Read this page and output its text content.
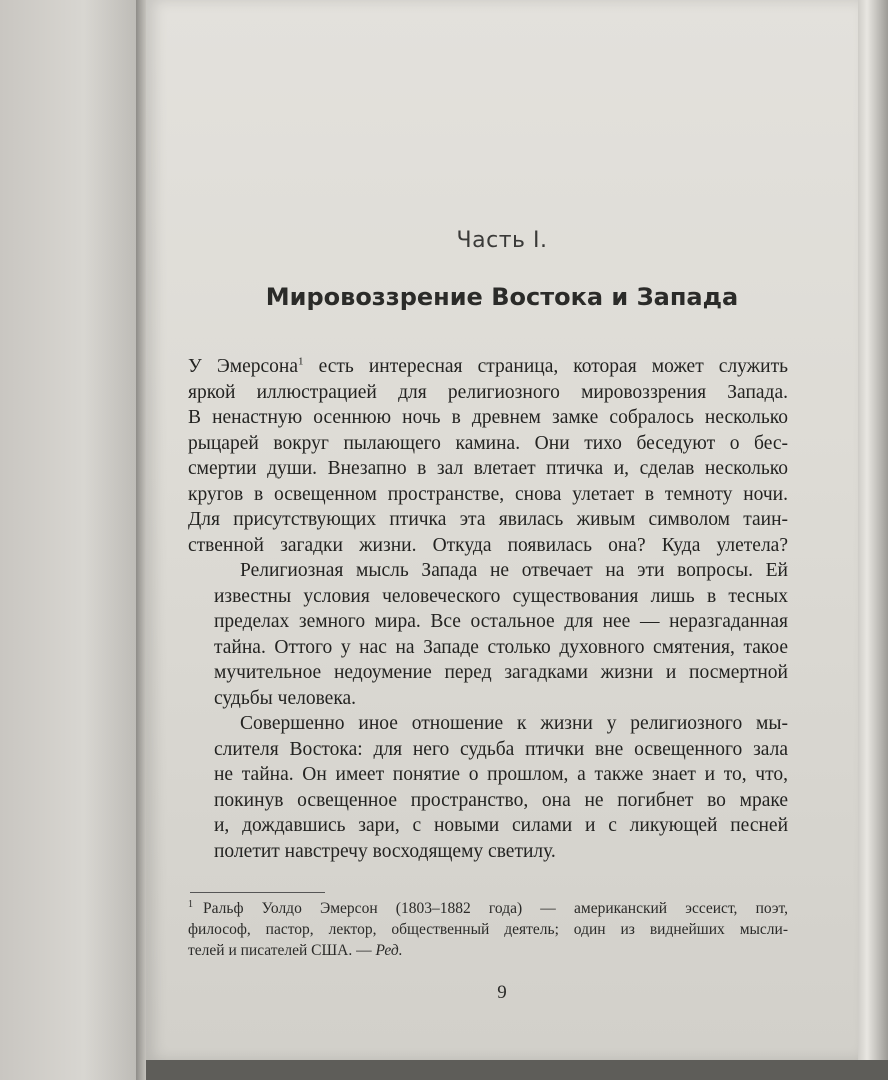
Часть I.
Мировоззрение Востока и Запада

У Эмерсона$^1$ есть интересная страница, которая может служить
яркой иллюстрацией для религиозного мировоззрения Запада.
В ненастную осеннюю ночь в древнем замке собралось несколько
рыцарей вокруг пылающего камина. Они тихо беседуют о бес-
смертии души. Внезапно в зал влетает птичка и, сделав несколько
кругов в освещенном пространстве, снова улетает в темноту ночи.
Для присутствующих птичка эта явилась живым символом таин-
ственной загадки жизни. Откуда появилась она? Куда улетела?

Религиозная мысль Запада не отвечает на эти вопросы. Ей
известны условия человеческого существования лишь в тесных
пределах земного мира. Все остальное для нее — неразгаданная
тайна. Оттого у нас на Западе столько духовного смятения, такое
мучительное недоумение перед загадками жизни и посмертной
судьбы человека.

Совершенно иное отношение к жизни у религиозного мы-
слителя Востока: для него судьба птички вне освещенного зала
не тайна. Он имеет понятие о прошлом, а также знает и то, что,
покинув освещенное пространство, она не погибнет во мраке
и, дождавшись зари, с новыми силами и с ликующей песней
полетит навстречу восходящему светилу.

$^1$ Ральф Уолдо Эмерсон (1803–1882 года) — американский эссеист, поэт,
философ, пастор, лектор, общественный деятель; один из виднейших мысли-
телей и писателей США. — Ред.
9
